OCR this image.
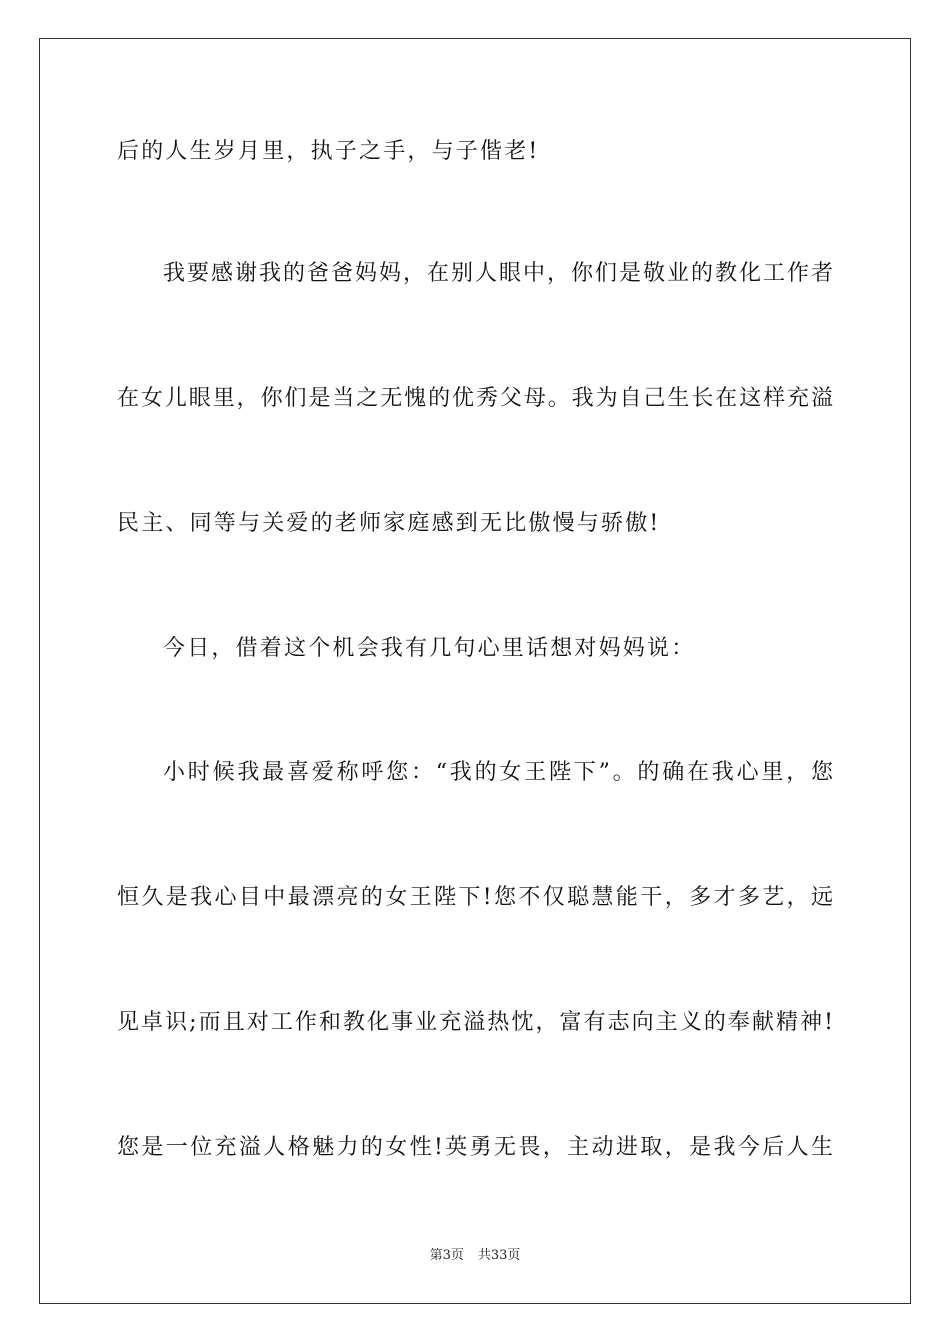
后的人生岁月里，执子之手，与子偕老!
我要感谢我的爸爸妈妈，在别人眼中，你们是敬业的教化工作者
在女儿眼里，你们是当之无愧的优秀父母。我为自己生长在这样充溢
民主、同等与关爱的老师家庭感到无比傲慢与骄傲!
今日，借着这个机会我有几句心里话想对妈妈说：
小时候我最喜爱称呼您：“我的女王陛下”。的确在我心里，您
恒久是我心目中最漂亮的女王陛下!您不仅聪慧能干，多才多艺，远
见卓识;而且对工作和教化事业充溢热忱，富有志向主义的奉献精神!
您是一位充溢人格魅力的女性!英勇无畏，主动进取，是我今后人生
第3页 共33页
